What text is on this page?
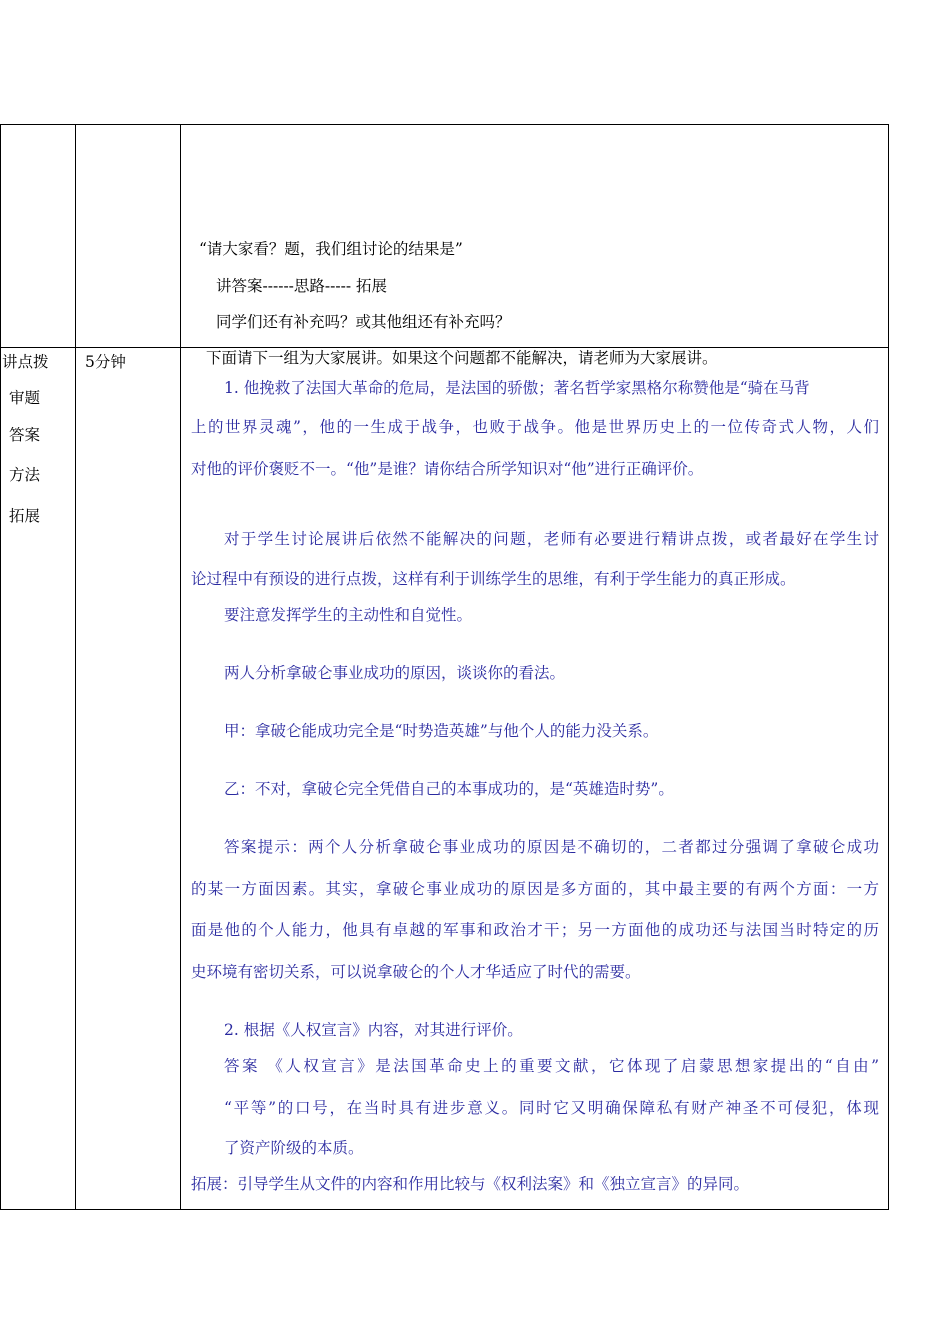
“请大家看？题，我们组讨论的结果是”
讲答案------思路----- 拓展
同学们还有补充吗？或其他组还有补充吗？
讲点拨
审题
答案
方法
拓展
5分钟	下面请下一组为大家展讲。如果这个问题都不能解决，请老师为大家展讲。
1. 他挽救了法国大革命的危局，是法国的骄傲；著名哲学家黑格尔称赞他是“骑在马背
上的世界灵魂”，他的一生成于战争，也败于战争。他是世界历史上的一位传奇式人物，人们
对他的评价褒贬不一。“他”是谁？请你结合所学知识对“他”进行正确评价。
对于学生讨论展讲后依然不能解决的问题，老师有必要进行精讲点拨，或者最好在学生讨
论过程中有预设的进行点拨，这样有利于训练学生的思维，有利于学生能力的真正形成。
要注意发挥学生的主动性和自觉性。
两人分析拿破仑事业成功的原因，谈谈你的看法。
甲：拿破仑能成功完全是“时势造英雄”与他个人的能力没关系。
乙：不对，拿破仑完全凭借自己的本事成功的，是“英雄造时势”。
答案提示：两个人分析拿破仑事业成功的原因是不确切的，二者都过分强调了拿破仑成功
的某一方面因素。其实，拿破仑事业成功的原因是多方面的，其中最主要的有两个方面：一方
面是他的个人能力，他具有卓越的军事和政治才干；另一方面他的成功还与法国当时特定的历
史环境有密切关系，可以说拿破仑的个人才华适应了时代的需要。
2. 根据《人权宣言》内容，对其进行评价。
答案 《人权宣言》是法国革命史上的重要文献，它体现了启蒙思想家提出的“自由”
“平等”的口号，在当时具有进步意义。同时它又明确保障私有财产神圣不可侵犯，体现
了资产阶级的本质。
拓展：引导学生从文件的内容和作用比较与《权利法案》和《独立宣言》的异同。
